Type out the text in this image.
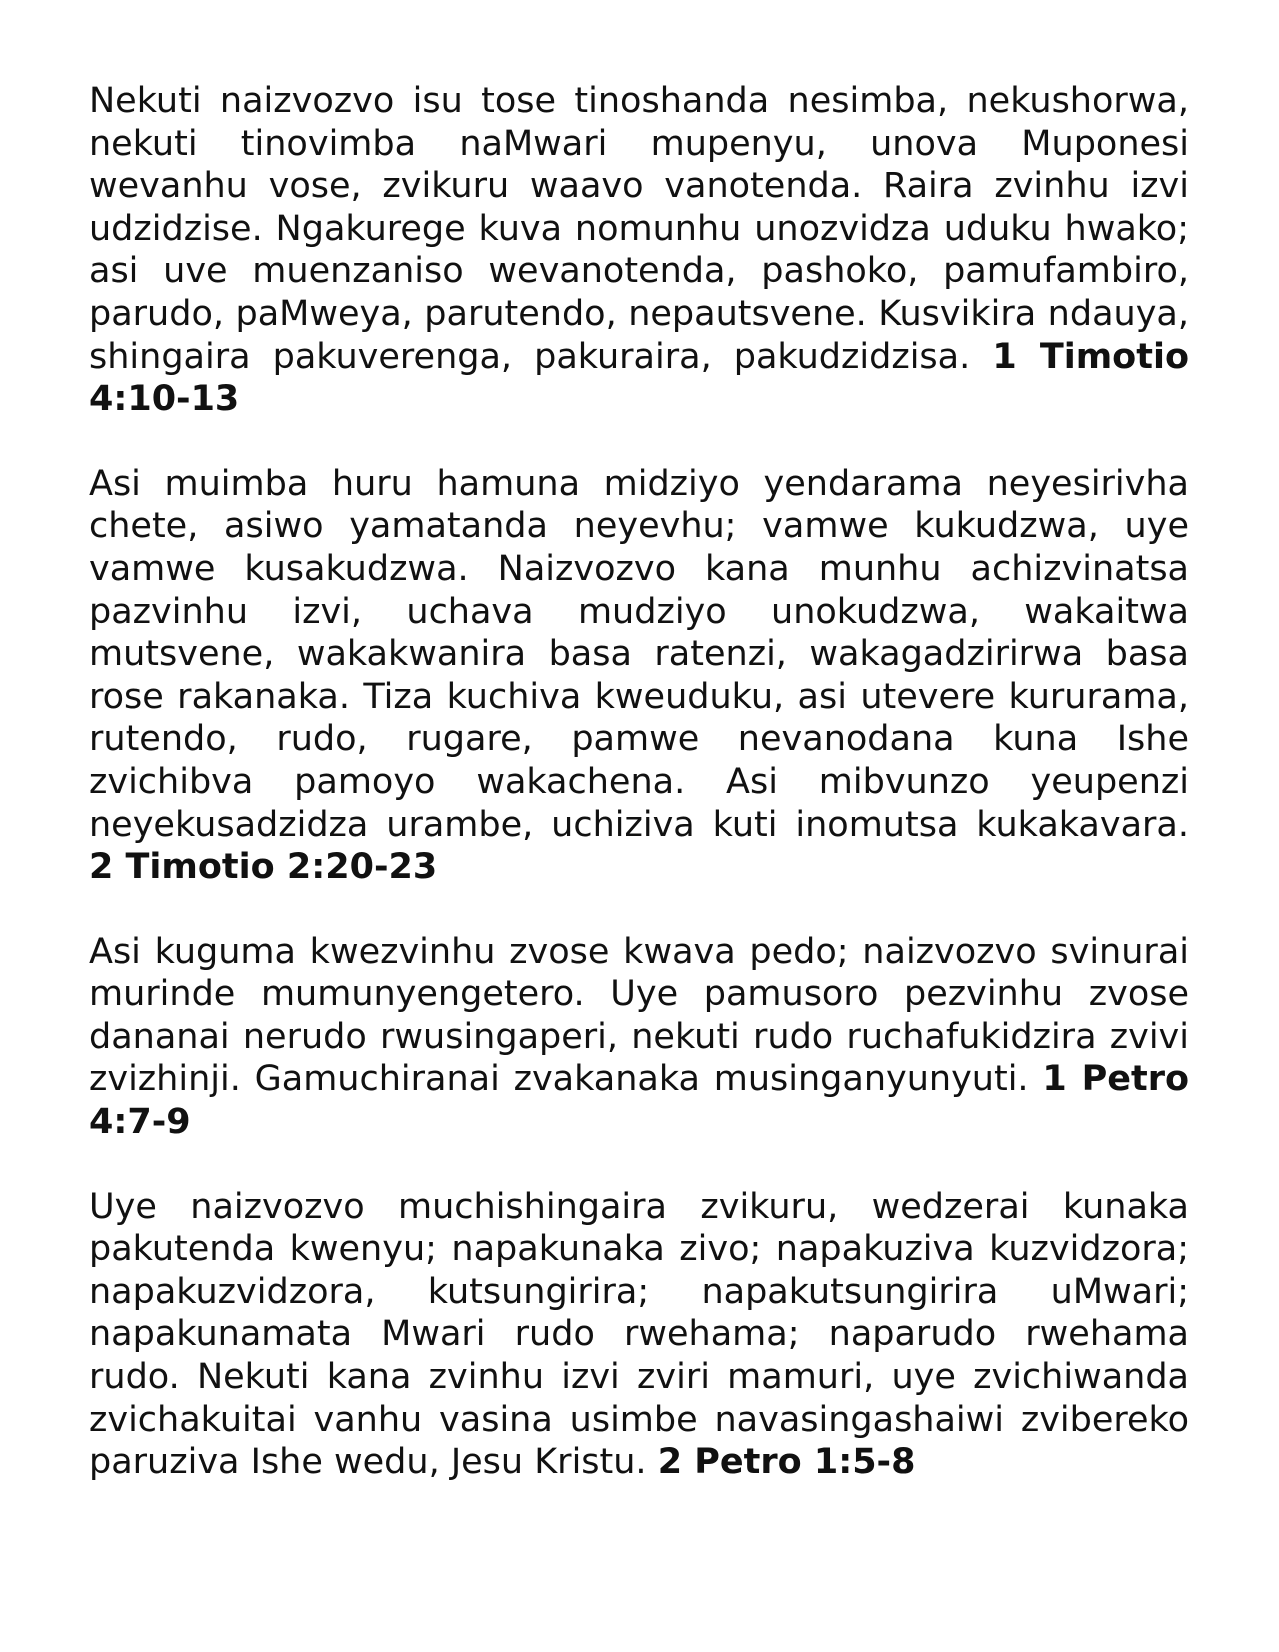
Nekuti naizvozvo isu tose tinoshanda nesimba, nekushorwa, nekuti tinovimba naMwari mupenyu, unova Muponesi wevanhu vose, zvikuru waavo vanotenda. Raira zvinhu izvi udzidzise. Ngakurege kuva nomunhu unozvidza uduku hwako; asi uve muenzaniso wevanotenda, pashoko, pamufambiro, parudo, paMweya, parutendo, nepautsvene. Kusvikira ndauya, shingaira pakuverenga, pakuraira, pakudzidzisa. 1 Timotio 4:10-13

Asi muimba huru hamuna midziyo yendarama neyesirivha chete, asiwo yamatanda neyevhu; vamwe kukudzwa, uye vamwe kusakudzwa. Naizvozvo kana munhu achizvinatsa pazvinhu izvi, uchava mudziyo unokudzwa, wakaitwa mutsvene, wakakwanira basa ratenzi, wakagadzirirwa basa rose rakanaka. Tiza kuchiva kweuduku, asi utevere kururama, rutendo, rudo, rugare, pamwe nevanodana kuna Ishe zvichibva pamoyo wakachena. Asi mibvunzo yeupenzi neyekusadzidza urambe, uchiziva kuti inomutsa kukakavara. 2 Timotio 2:20-23

Asi kuguma kwezvinhu zvose kwava pedo; naizvozvo svinurai murinde mumunyengetero. Uye pamusoro pezvinhu zvose dananai nerudo rwusingaperi, nekuti rudo ruchafukidzira zvivi zvizhinji. Gamuchiranai zvakanaka musinganyunyuti. 1 Petro 4:7-9

Uye naizvozvo muchishingaira zvikuru, wedzerai kunaka pakutenda kwenyu; napakunaka zivo; napakuziva kuzvidzora; napakuzvidzora, kutsungirira; napakutsungirira uMwari; napakunamata Mwari rudo rwehama; naparudo rwehama rudo. Nekuti kana zvinhu izvi zviri mamuri, uye zvichiwanda zvichakuitai vanhu vasina usimbe navasingashaiwi zvibereko paruziva Ishe wedu, Jesu Kristu. 2 Petro 1:5-8
